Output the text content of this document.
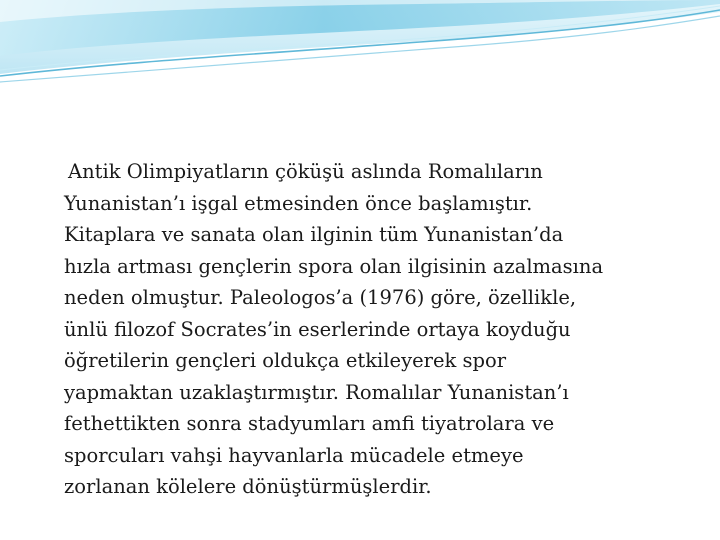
Antik Olimpiyatların çöküşü aslında Romalıların
Yunanistan’ı işgal etmesinden önce başlamıştır.
Kitaplara ve sanata olan ilginin tüm Yunanistan’da
hızla artması gençlerin spora olan ilgisinin azalmasına
neden olmuştur. Paleologos’a (1976) göre, özellikle,
ünlü filozof Socrates’in eserlerinde ortaya koyduğu
öğretilerin gençleri oldukça etkileyerek spor
yapmaktan uzaklaştırmıştır. Romalılar Yunanistan’ı
fethettikten sonra stadyumları amfi tiyatrolara ve
sporcuları vahşi hayvanlarla mücadele etmeye
zorlanan kölelere dönüştürmüşlerdir.
